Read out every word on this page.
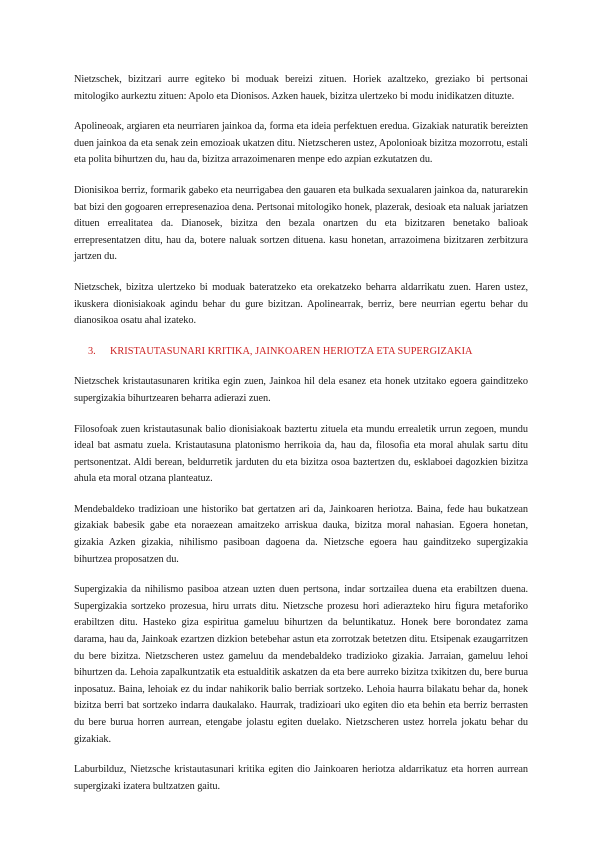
Nietzschek, bizitzari aurre egiteko bi moduak bereizi zituen. Horiek azaltzeko, greziako bi pertsonai mitologiko aurkeztu zituen: Apolo eta Dionisos. Azken hauek, bizitza ulertzeko bi modu inidikatzen dituzte.

Apolineoak, argiaren eta neurriaren jainkoa da, forma eta ideia perfektuen eredua. Gizakiak naturatik bereizten duen jainkoa da eta senak zein emozioak ukatzen ditu. Nietzscheren ustez, Apolonioak bizitza mozorrotu, estali eta polita bihurtzen du, hau da, bizitza arrazoimenaren menpe edo azpian ezkutatzen du.

Dionisikoa berriz, formarik gabeko eta neurrigabea den gauaren eta bulkada sexualaren jainkoa da, naturarekin bat bizi den gogoaren errepresenazioa dena. Pertsonai mitologiko honek, plazerak, desioak eta naluak jariatzen dituen errealitatea da. Dianosek, bizitza den bezala onartzen du eta bizitzaren benetako balioak errepresentatzen ditu, hau da, botere naluak sortzen dituena. kasu honetan, arrazoimena bizitzaren zerbitzura jartzen du.

Nietzschek, bizitza ulertzeko bi moduak bateratzeko eta orekatzeko beharra aldarrikatu zuen. Haren ustez, ikuskera dionisiakoak agindu behar du gure bizitzan. Apolinearrak, berriz, bere neurrian egertu behar du dianosikoa osatu ahal izateko.

3.	KRISTAUTASUNARI KRITIKA, JAINKOAREN HERIOTZA ETA SUPERGIZAKIA

Nietzschek kristautasunaren kritika egin zuen, Jainkoa hil dela esanez eta honek utzitako egoera gainditzeko supergizakia bihurtzearen beharra adierazi zuen.

Filosofoak zuen kristautasunak balio dionisiakoak baztertu zituela eta mundu errealetik urrun zegoen, mundu ideal bat asmatu zuela. Kristautasuna platonismo herrikoia da, hau da, filosofia eta moral ahulak sartu ditu pertsonentzat. Aldi berean, beldurretik jarduten du eta bizitza osoa baztertzen du, esklaboei dagozkien bizitza ahula eta moral otzana planteatuz.

Mendebaldeko tradizioan une historiko bat gertatzen ari da, Jainkoaren heriotza. Baina, fede hau bukatzean gizakiak babesik gabe eta noraezean amaitzeko arriskua dauka, bizitza moral nahasian. Egoera honetan, gizakia Azken gizakia, nihilismo pasiboan dagoena da. Nietzsche egoera hau gainditzeko supergizakia bihurtzea proposatzen du.

Supergizakia da nihilismo pasiboa atzean uzten duen pertsona, indar sortzailea duena eta erabiltzen duena. Supergizakia sortzeko prozesua, hiru urrats ditu. Nietzsche prozesu hori adierazteko hiru figura metaforiko erabiltzen ditu. Hasteko giza espiritua gameluu bihurtzen da beluntikatuz. Honek bere borondatez zama darama, hau da, Jainkoak ezartzen dizkion betebehar astun eta zorrotzak betetzen ditu. Etsipenak ezaugarritzen du bere bizitza. Nietzscheren ustez gameluu da mendebaldeko tradizioko gizakia. Jarraian, gameluu lehoi bihurtzen da. Lehoia zapalkuntzatik eta estualditik askatzen da eta bere aurreko bizitza txikitzen du, bere burua inposatuz. Baina, lehoiak ez du indar nahikorik balio berriak sortzeko. Lehoia haurra bilakatu behar da, honek bizitza berri bat sortzeko indarra daukalako. Haurrak, tradizioari uko egiten dio eta behin eta berriz berrasten du bere burua horren aurrean, etengabe jolastu egiten duelako. Nietzscheren ustez horrela jokatu behar du gizakiak.

Laburbilduz, Nietzsche kristautasunari kritika egiten dio Jainkoaren heriotza aldarrikatuz eta horren aurrean supergizaki izatera bultzatzen gaitu.
